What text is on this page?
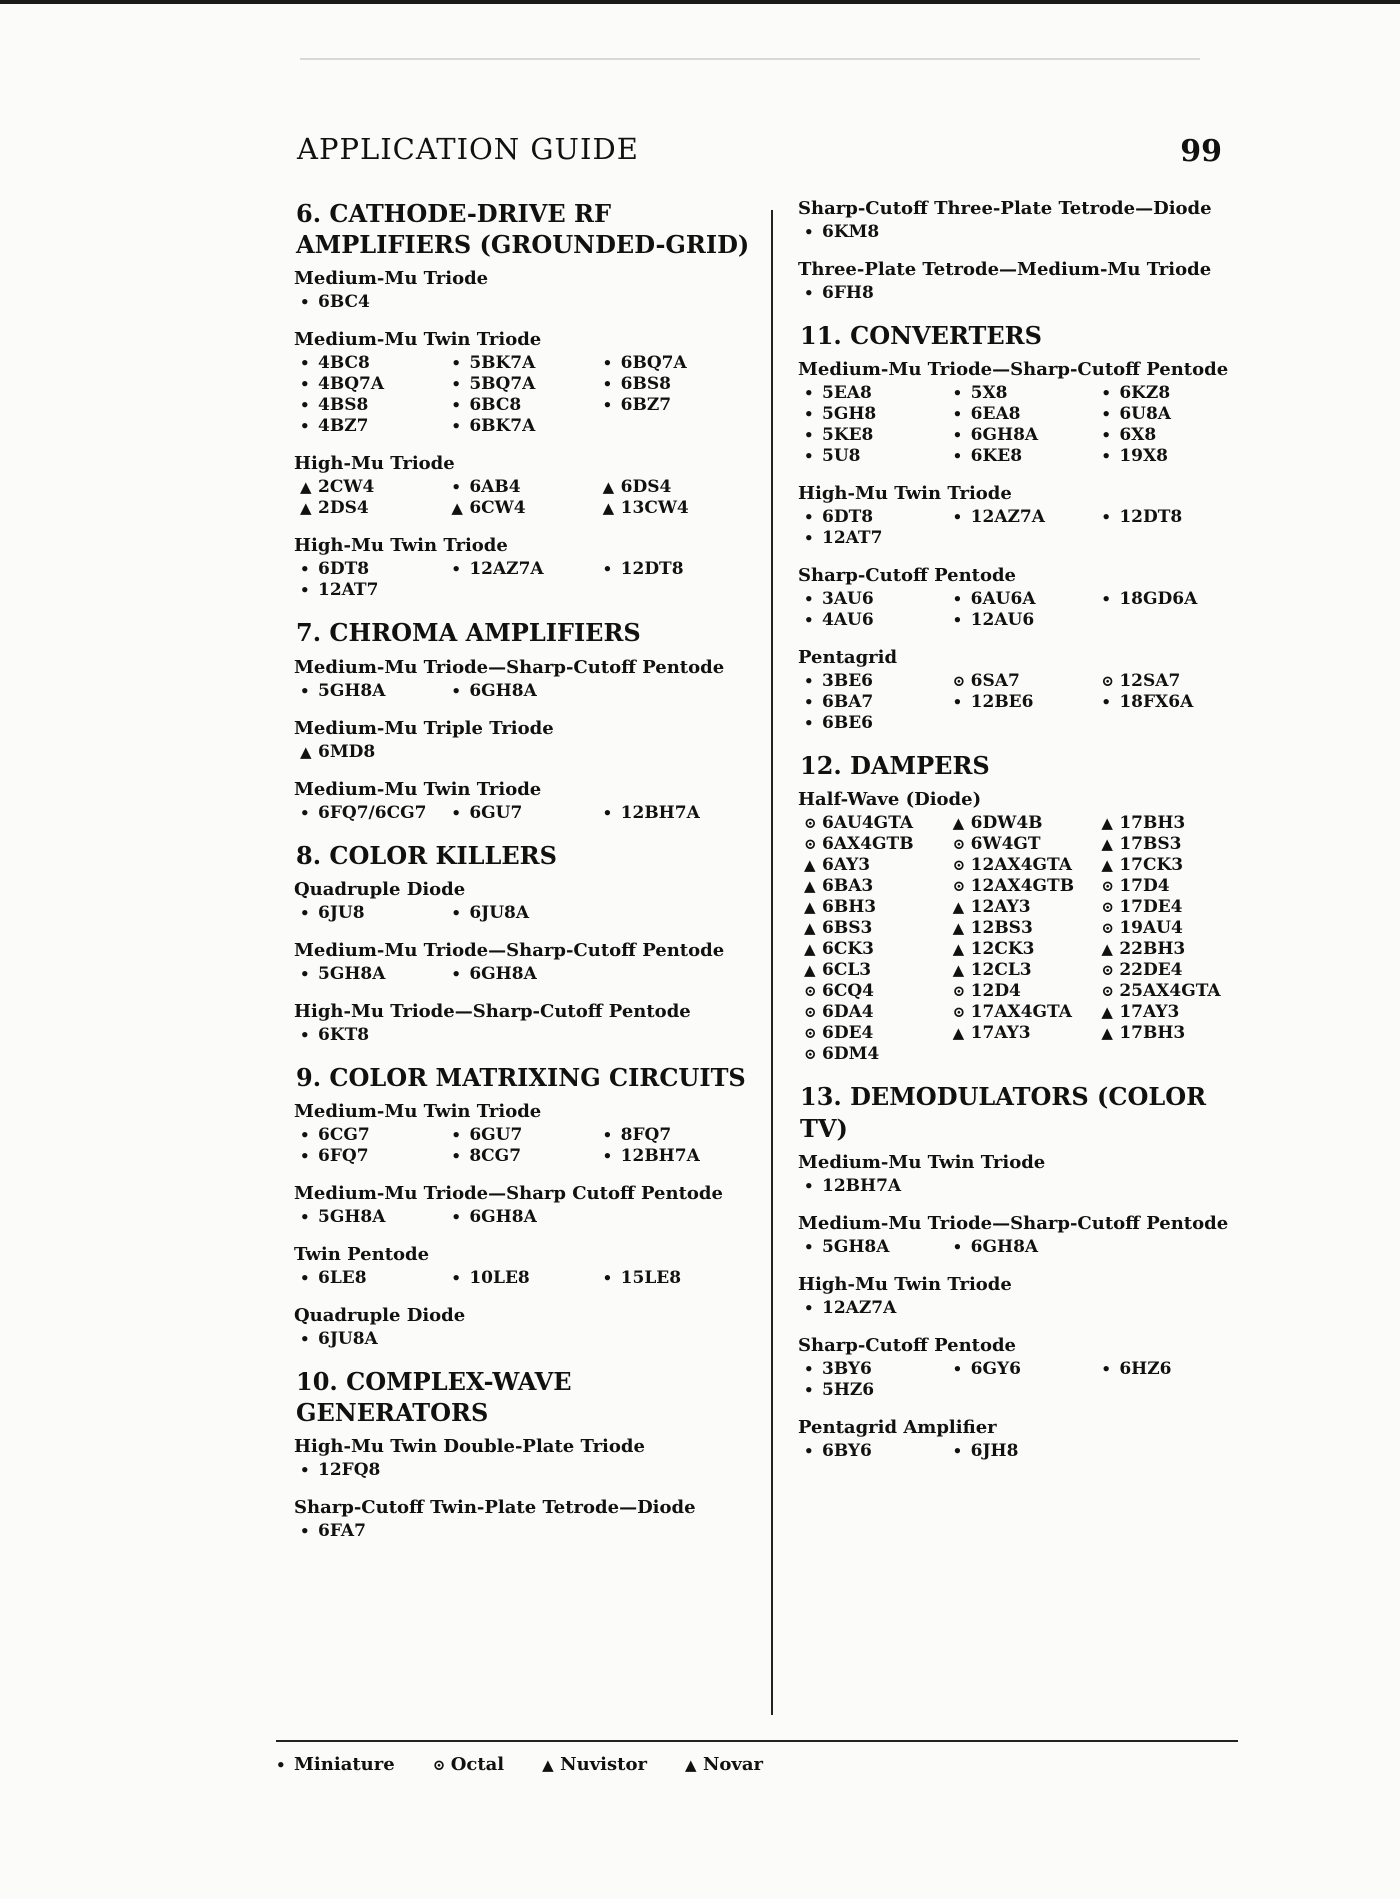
APPLICATION GUIDE	99
6. CATHODE-DRIVE RF AMPLIFIERS (GROUNDED-GRID)
Medium-Mu Triode
• 6BC4
Medium-Mu Twin Triode
• 4BC8	• 5BK7A	• 6BQ7A
• 4BQ7A	• 5BQ7A	• 6BS8
• 4BS8	• 6BC8	• 6BZ7
• 4BZ7	• 6BK7A
High-Mu Triode
▲ 2CW4	• 6AB4	▲ 6DS4
▲ 2DS4	▲ 6CW4	▲ 13CW4
High-Mu Twin Triode
• 6DT8	• 12AZ7A	• 12DT8
• 12AT7
7. CHROMA AMPLIFIERS
Medium-Mu Triode—Sharp-Cutoff Pentode
• 5GH8A	• 6GH8A
Medium-Mu Triple Triode
▲ 6MD8
Medium-Mu Twin Triode
• 6FQ7/6CG7	• 6GU7	• 12BH7A
8. COLOR KILLERS
Quadruple Diode
• 6JU8	• 6JU8A
Medium-Mu Triode—Sharp-Cutoff Pentode
• 5GH8A	• 6GH8A
High-Mu Triode—Sharp-Cutoff Pentode
• 6KT8
9. COLOR MATRIXING CIRCUITS
Medium-Mu Twin Triode
• 6CG7	• 6GU7	• 8FQ7
• 6FQ7	• 8CG7	• 12BH7A
Medium-Mu Triode—Sharp Cutoff Pentode
• 5GH8A	• 6GH8A
Twin Pentode
• 6LE8	• 10LE8	• 15LE8
Quadruple Diode
• 6JU8A
10. COMPLEX-WAVE GENERATORS
High-Mu Twin Double-Plate Triode
• 12FQ8
Sharp-Cutoff Twin-Plate Tetrode—Diode
• 6FA7
Sharp-Cutoff Three-Plate Tetrode—Diode
• 6KM8
Three-Plate Tetrode—Medium-Mu Triode
• 6FH8
11. CONVERTERS
Medium-Mu Triode—Sharp-Cutoff Pentode
• 5EA8	• 5X8	• 6KZ8
• 5GH8	• 6EA8	• 6U8A
• 5KE8	• 6GH8A	• 6X8
• 5U8	• 6KE8	• 19X8
High-Mu Twin Triode
• 6DT8	• 12AZ7A	• 12DT8
• 12AT7
Sharp-Cutoff Pentode
• 3AU6	• 6AU6A	• 18GD6A
• 4AU6	• 12AU6
Pentagrid
• 3BE6	⊙ 6SA7	⊙ 12SA7
• 6BA7	• 12BE6	• 18FX6A
• 6BE6
12. DAMPERS
Half-Wave (Diode)
⊙ 6AU4GTA	▲ 6DW4B	▲ 17BH3
⊙ 6AX4GTB	⊙ 6W4GT	▲ 17BS3
▲ 6AY3	⊙ 12AX4GTA	▲ 17CK3
▲ 6BA3	⊙ 12AX4GTB	⊙ 17D4
▲ 6BH3	▲ 12AY3	⊙ 17DE4
▲ 6BS3	▲ 12BS3	⊙ 19AU4
▲ 6CK3	▲ 12CK3	▲ 22BH3
▲ 6CL3	▲ 12CL3	⊙ 22DE4
⊙ 6CQ4	⊙ 12D4	⊙ 25AX4GTA
⊙ 6DA4	⊙ 17AX4GTA	▲ 17AY3
⊙ 6DE4	▲ 17AY3	▲ 17BH3
⊙ 6DM4
13. DEMODULATORS (COLOR TV)
Medium-Mu Twin Triode
• 12BH7A
Medium-Mu Triode—Sharp-Cutoff Pentode
• 5GH8A	• 6GH8A
High-Mu Twin Triode
• 12AZ7A
Sharp-Cutoff Pentode
• 3BY6	• 6GY6	• 6HZ6
• 5HZ6
Pentagrid Amplifier
• 6BY6	• 6JH8
• Miniature	⊙ Octal	▲ Nuvistor	▲ Novar
